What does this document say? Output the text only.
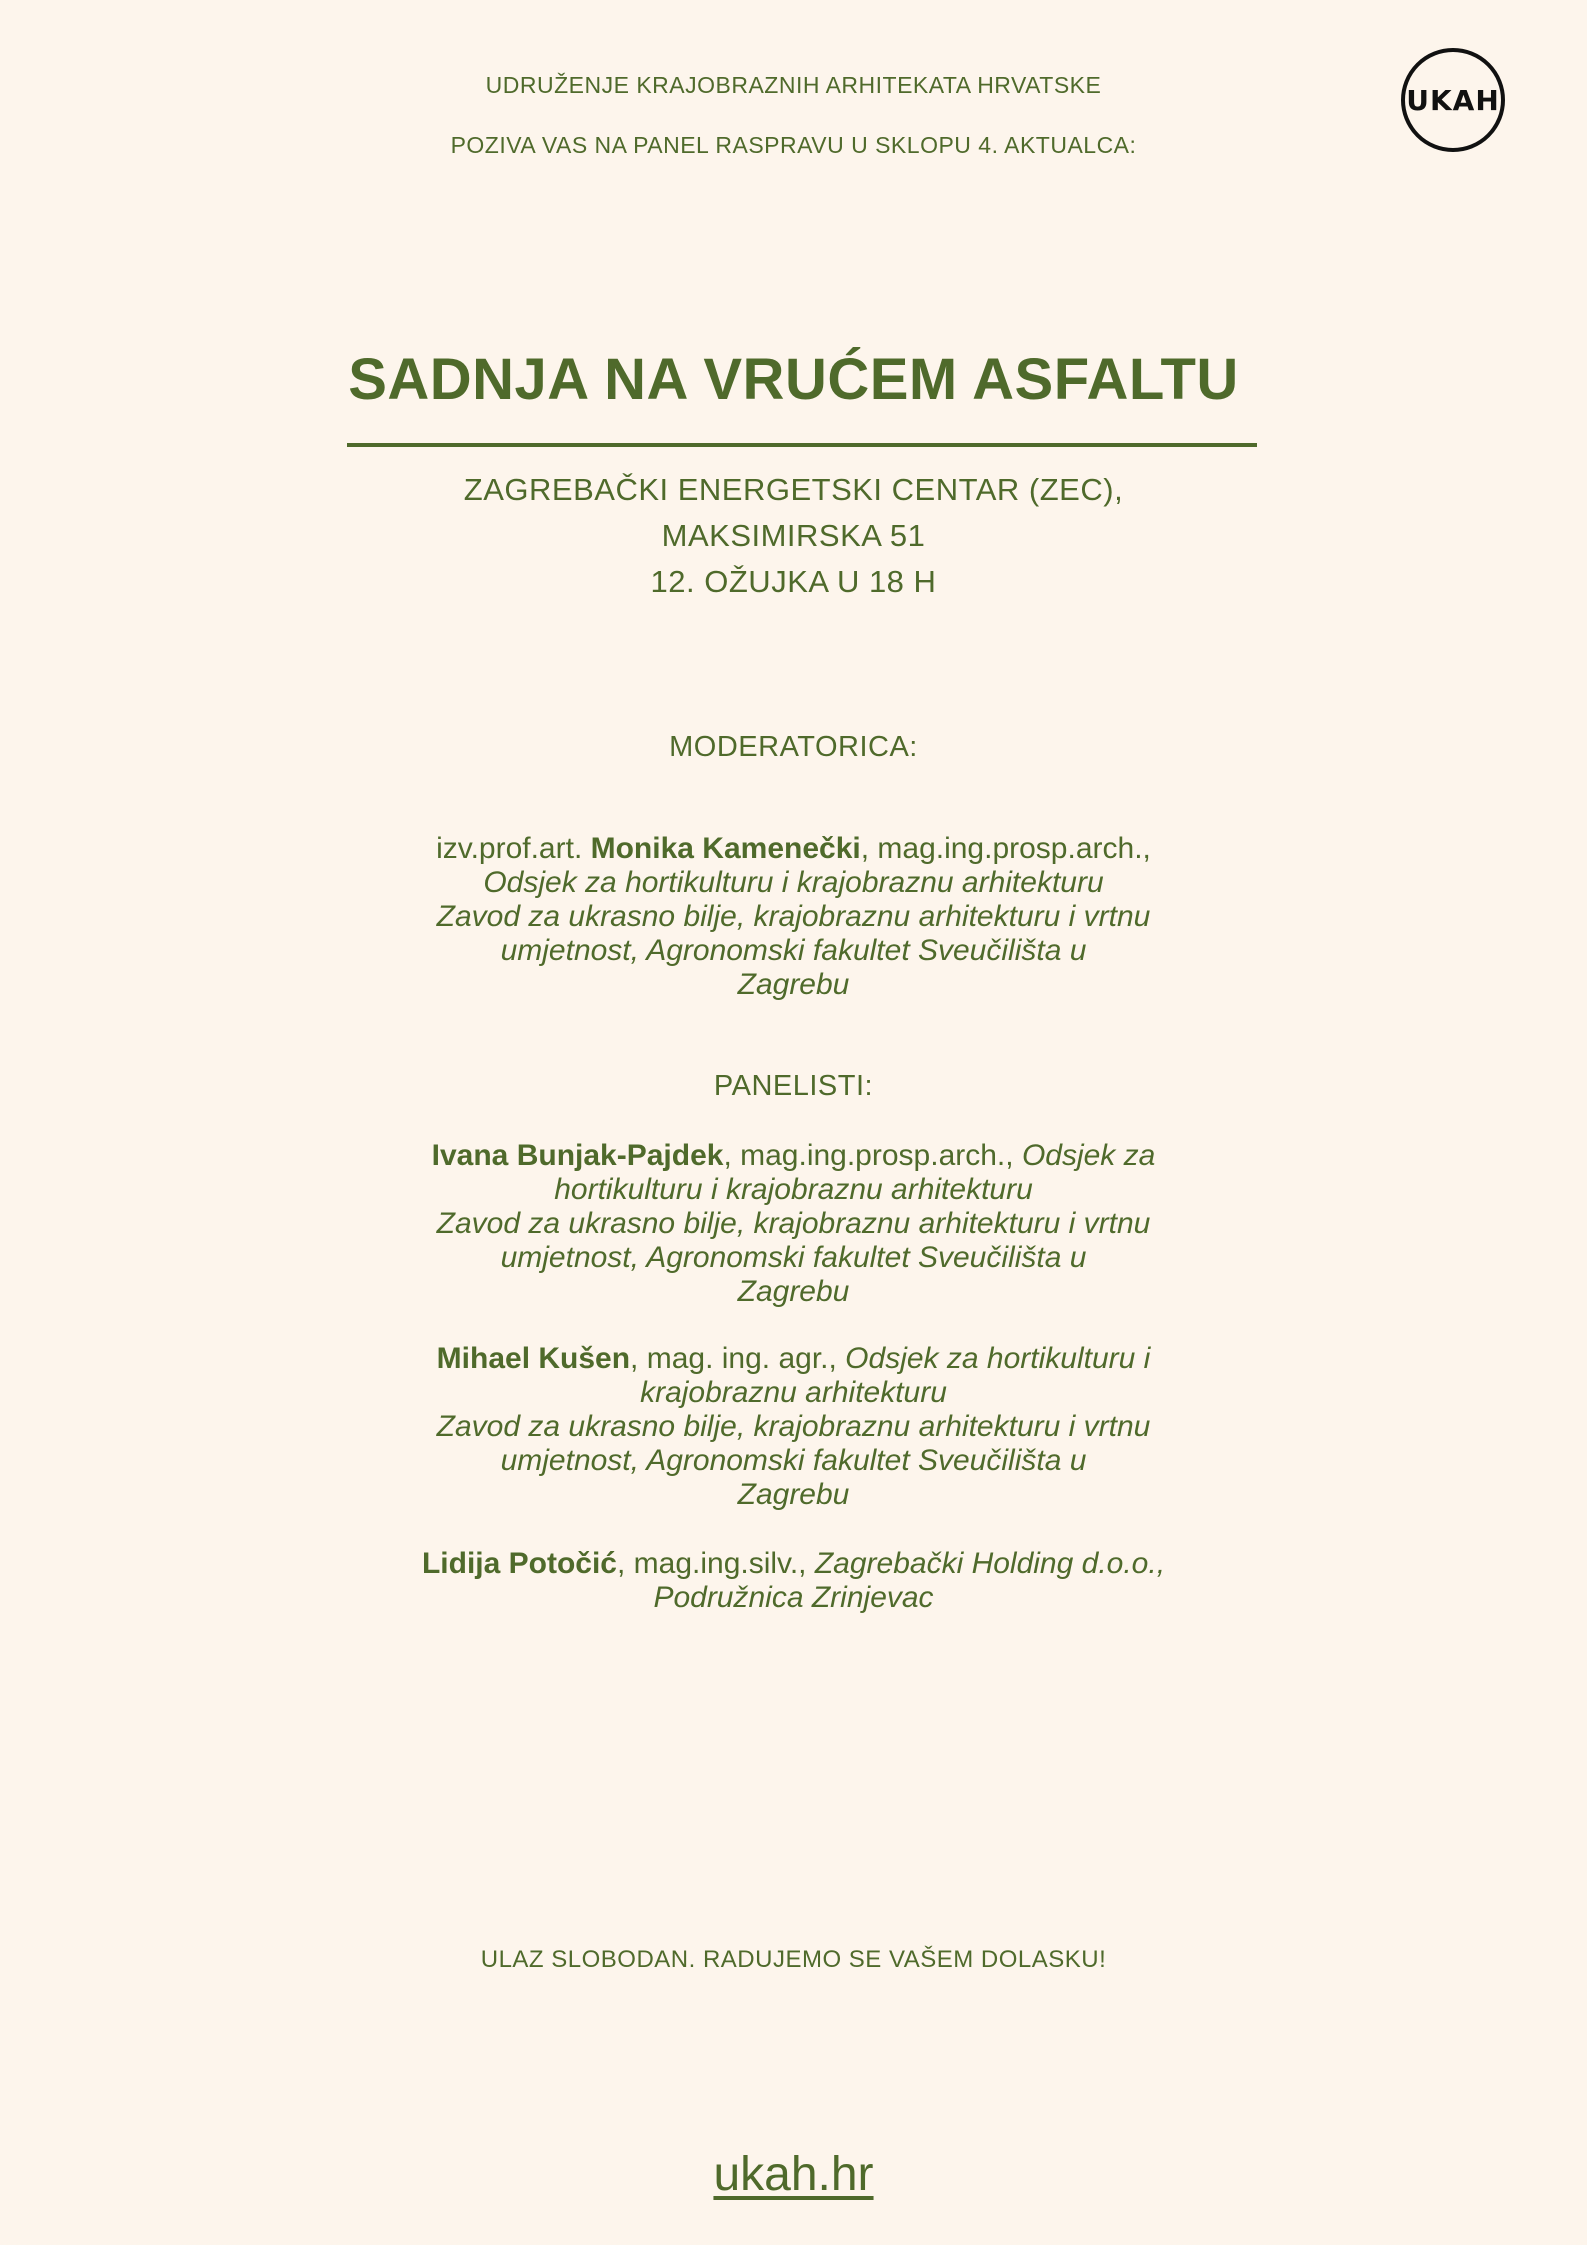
UDRUŽENJE KRAJOBRAZNIH ARHITEKATA HRVATSKE
POZIVA VAS NA PANEL RASPRAVU U SKLOPU 4. AKTUALCA:
UKAH
SADNJA NA VRUĆEM ASFALTU
ZAGREBAČKI ENERGETSKI CENTAR (ZEC),
MAKSIMIRSKA 51
12. OŽUJKA U 18 H
MODERATORICA:
izv.prof.art. Monika Kamenečki, mag.ing.prosp.arch.,
Odsjek za hortikulturu i krajobraznu arhitekturu
Zavod za ukrasno bilje, krajobraznu arhitekturu i vrtnu
umjetnost, Agronomski fakultet Sveučilišta u
Zagrebu
PANELISTI:
Ivana Bunjak-Pajdek, mag.ing.prosp.arch., Odsjek za
hortikulturu i krajobraznu arhitekturu
Zavod za ukrasno bilje, krajobraznu arhitekturu i vrtnu
umjetnost, Agronomski fakultet Sveučilišta u
Zagrebu
Mihael Kušen, mag. ing. agr., Odsjek za hortikulturu i
krajobraznu arhitekturu
Zavod za ukrasno bilje, krajobraznu arhitekturu i vrtnu
umjetnost, Agronomski fakultet Sveučilišta u
Zagrebu
Lidija Potočić, mag.ing.silv., Zagrebački Holding d.o.o.,
Podružnica Zrinjevac
ULAZ SLOBODAN. RADUJEMO SE VAŠEM DOLASKU!
ukah.hr
